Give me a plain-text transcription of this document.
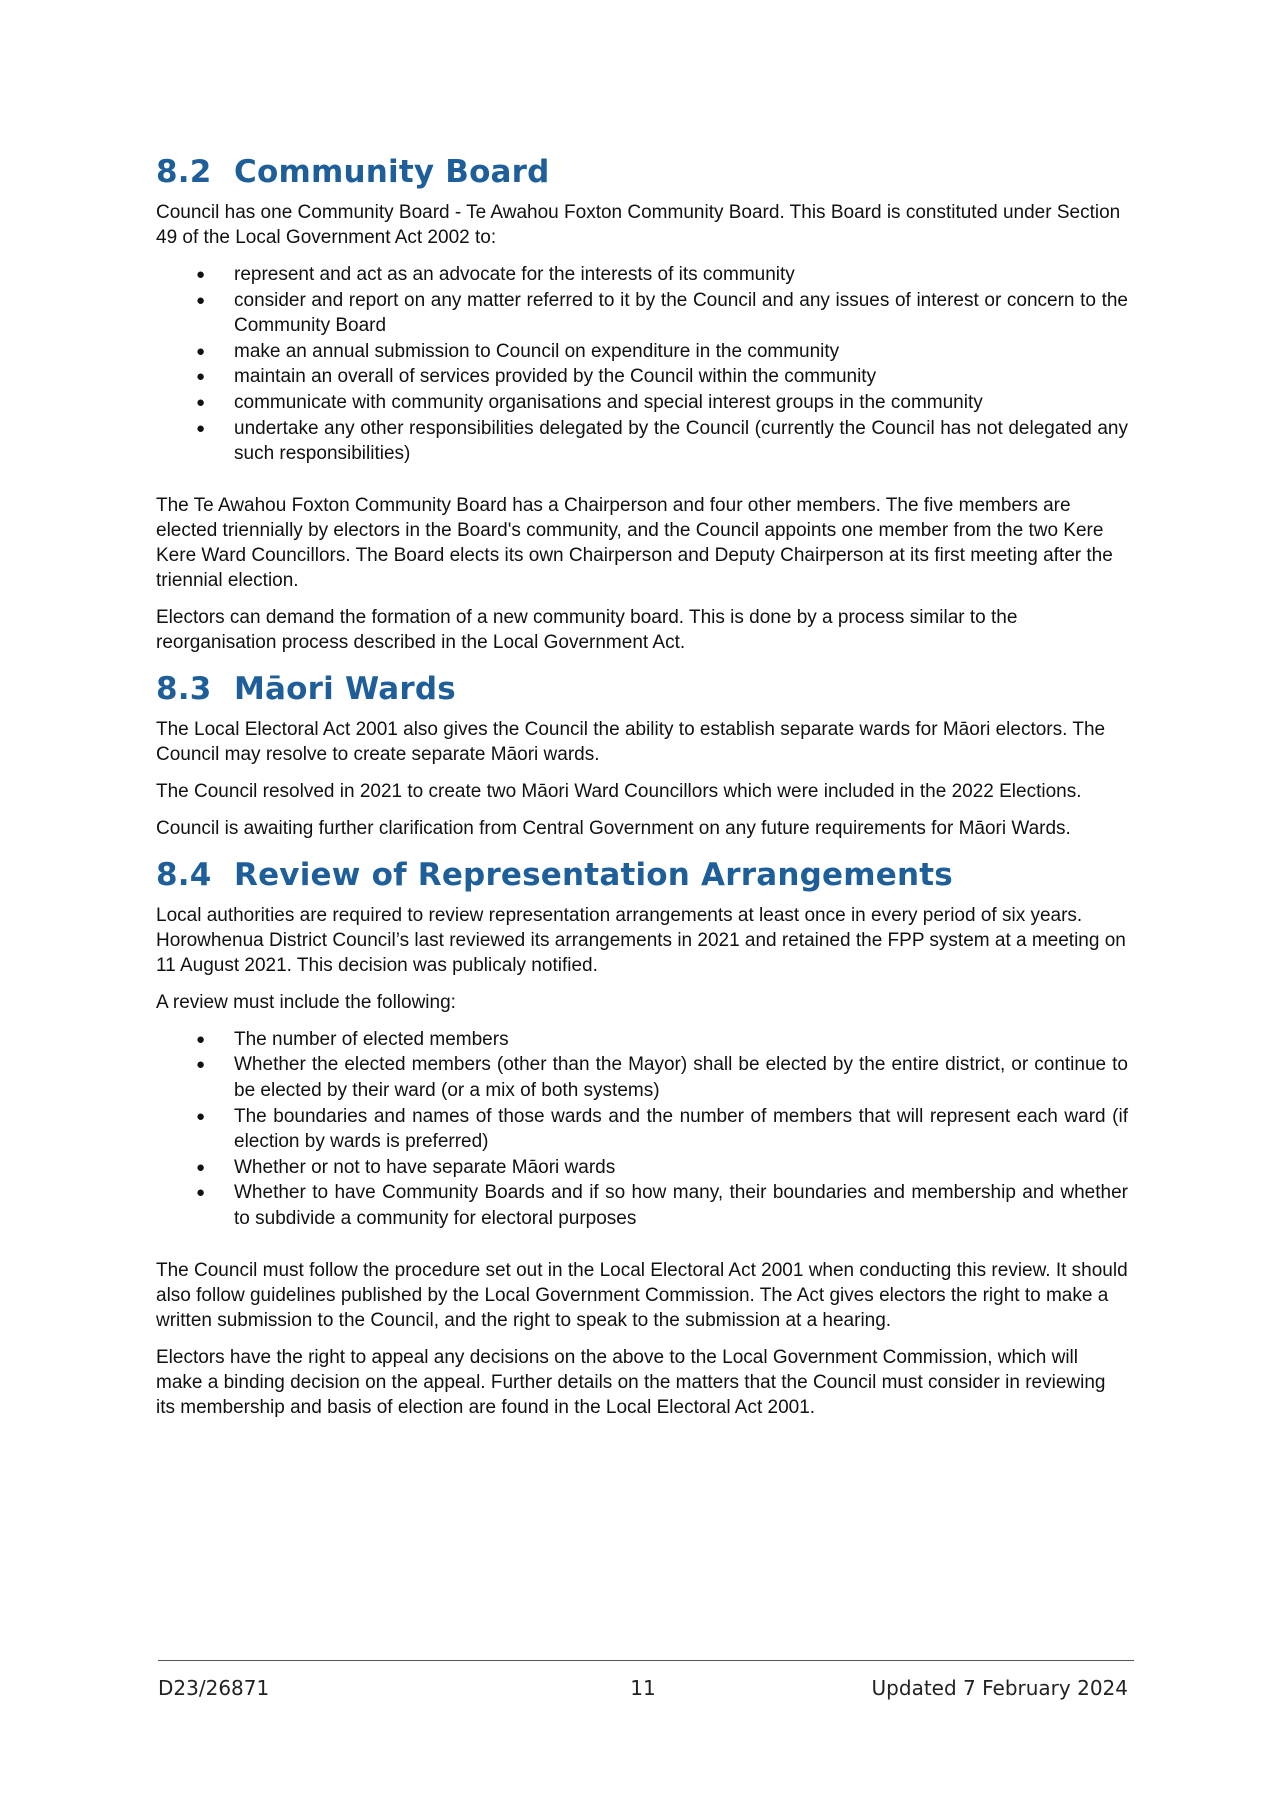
8.2 Community Board

Council has one Community Board - Te Awahou Foxton Community Board. This Board is constituted under Section 49 of the Local Government Act 2002 to:

● represent and act as an advocate for the interests of its community
● consider and report on any matter referred to it by the Council and any issues of interest or concern to the Community Board
● make an annual submission to Council on expenditure in the community
● maintain an overall of services provided by the Council within the community
● communicate with community organisations and special interest groups in the community
● undertake any other responsibilities delegated by the Council (currently the Council has not delegated any such responsibilities)

The Te Awahou Foxton Community Board has a Chairperson and four other members. The five members are elected triennially by electors in the Board's community, and the Council appoints one member from the two Kere Kere Ward Councillors. The Board elects its own Chairperson and Deputy Chairperson at its first meeting after the triennial election.

Electors can demand the formation of a new community board. This is done by a process similar to the reorganisation process described in the Local Government Act.

8.3 Māori Wards

The Local Electoral Act 2001 also gives the Council the ability to establish separate wards for Māori electors. The Council may resolve to create separate Māori wards.

The Council resolved in 2021 to create two Māori Ward Councillors which were included in the 2022 Elections.

Council is awaiting further clarification from Central Government on any future requirements for Māori Wards.

8.4 Review of Representation Arrangements

Local authorities are required to review representation arrangements at least once in every period of six years. Horowhenua District Council’s last reviewed its arrangements in 2021 and retained the FPP system at a meeting on 11 August 2021. This decision was publicaly notified.

A review must include the following:

● The number of elected members
● Whether the elected members (other than the Mayor) shall be elected by the entire district, or continue to be elected by their ward (or a mix of both systems)
● The boundaries and names of those wards and the number of members that will represent each ward (if election by wards is preferred)
● Whether or not to have separate Māori wards
● Whether to have Community Boards and if so how many, their boundaries and membership and whether to subdivide a community for electoral purposes

The Council must follow the procedure set out in the Local Electoral Act 2001 when conducting this review. It should also follow guidelines published by the Local Government Commission. The Act gives electors the right to make a written submission to the Council, and the right to speak to the submission at a hearing.

Electors have the right to appeal any decisions on the above to the Local Government Commission, which will make a binding decision on the appeal. Further details on the matters that the Council must consider in reviewing its membership and basis of election are found in the Local Electoral Act 2001.

D23/26871	11	Updated 7 February 2024
